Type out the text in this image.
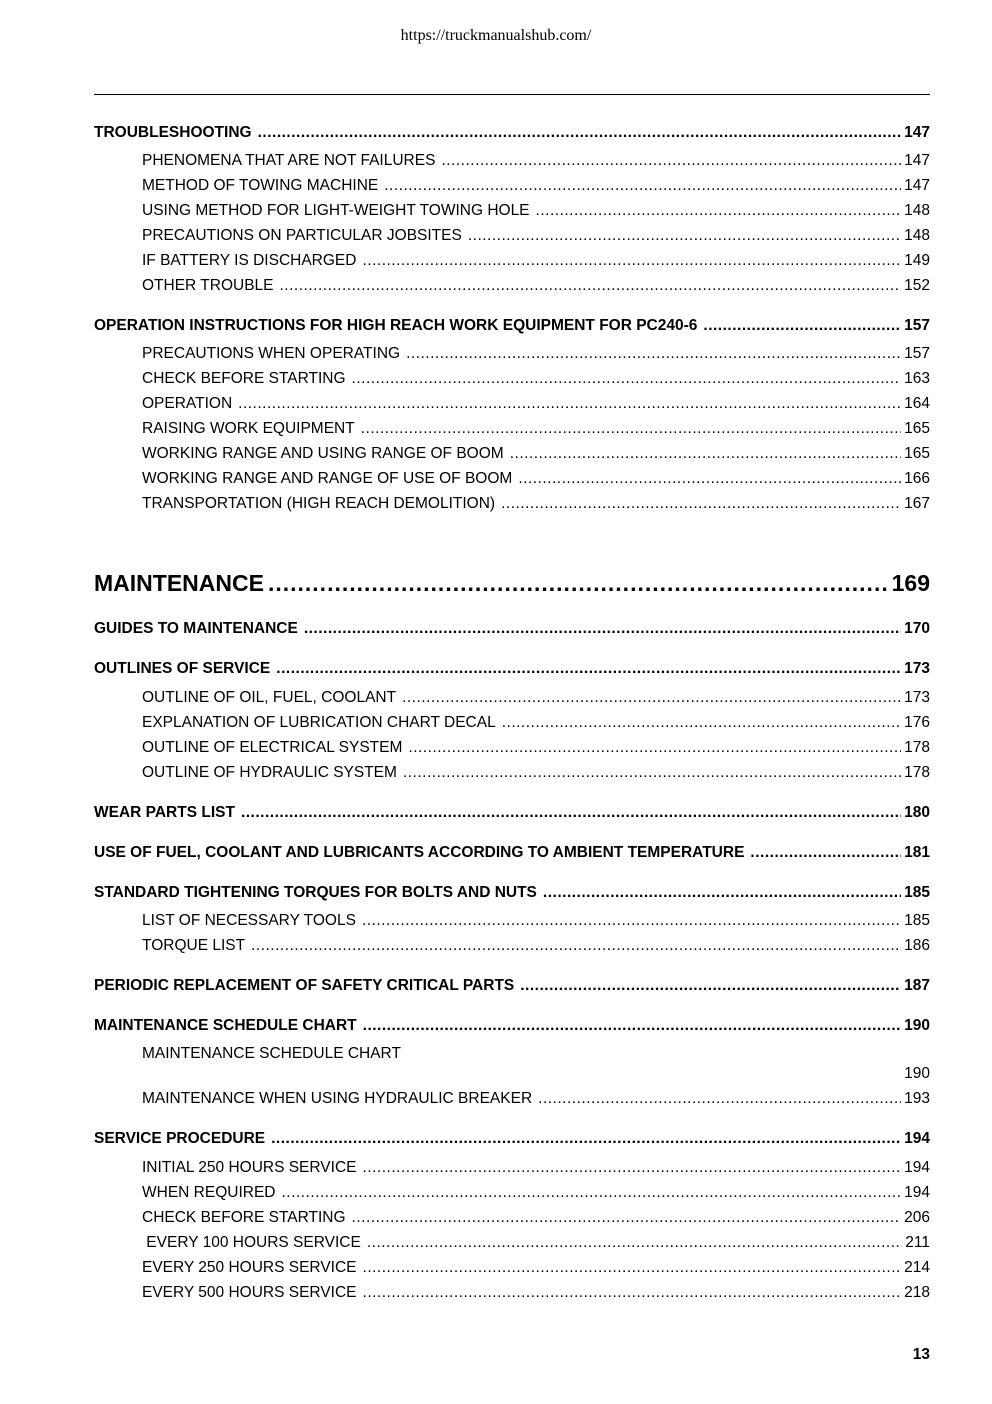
https://truckmanualshub.com/
TROUBLESHOOTING .....	147
PHENOMENA THAT ARE NOT FAILURES .....	147
METHOD OF TOWING MACHINE .....	147
USING METHOD FOR LIGHT-WEIGHT TOWING HOLE .....	148
PRECAUTIONS ON PARTICULAR JOBSITES .....	148
IF BATTERY IS DISCHARGED .....	149
OTHER TROUBLE .....	152
OPERATION INSTRUCTIONS FOR HIGH REACH WORK EQUIPMENT FOR PC240-6 .....	157
PRECAUTIONS WHEN OPERATING .....	157
CHECK BEFORE STARTING .....	163
OPERATION .....	164
RAISING WORK EQUIPMENT .....	165
WORKING RANGE AND USING RANGE OF BOOM .....	165
WORKING RANGE AND RANGE OF USE OF BOOM .....	166
TRANSPORTATION (HIGH REACH DEMOLITION) .....	167
MAINTENANCE .....	169
GUIDES TO MAINTENANCE .....	170
OUTLINES OF SERVICE .....	173
OUTLINE OF OIL, FUEL, COOLANT .....	173
EXPLANATION OF LUBRICATION CHART DECAL .....	176
OUTLINE OF ELECTRICAL SYSTEM .....	178
OUTLINE OF HYDRAULIC SYSTEM .....	178
WEAR PARTS LIST .....	180
USE OF FUEL, COOLANT AND LUBRICANTS ACCORDING TO AMBIENT TEMPERATURE .....	181
STANDARD TIGHTENING TORQUES FOR BOLTS AND NUTS .....	185
LIST OF NECESSARY TOOLS .....	185
TORQUE LIST .....	186
PERIODIC REPLACEMENT OF SAFETY CRITICAL PARTS .....	187
MAINTENANCE SCHEDULE CHART .....	190
MAINTENANCE SCHEDULE CHART
190
MAINTENANCE WHEN USING HYDRAULIC BREAKER .....	193
SERVICE PROCEDURE .....	194
INITIAL 250 HOURS SERVICE .....	194
WHEN REQUIRED .....	194
CHECK BEFORE STARTING .....	206
EVERY 100 HOURS SERVICE .....	211
EVERY 250 HOURS SERVICE .....	214
EVERY 500 HOURS SERVICE .....	218
13
